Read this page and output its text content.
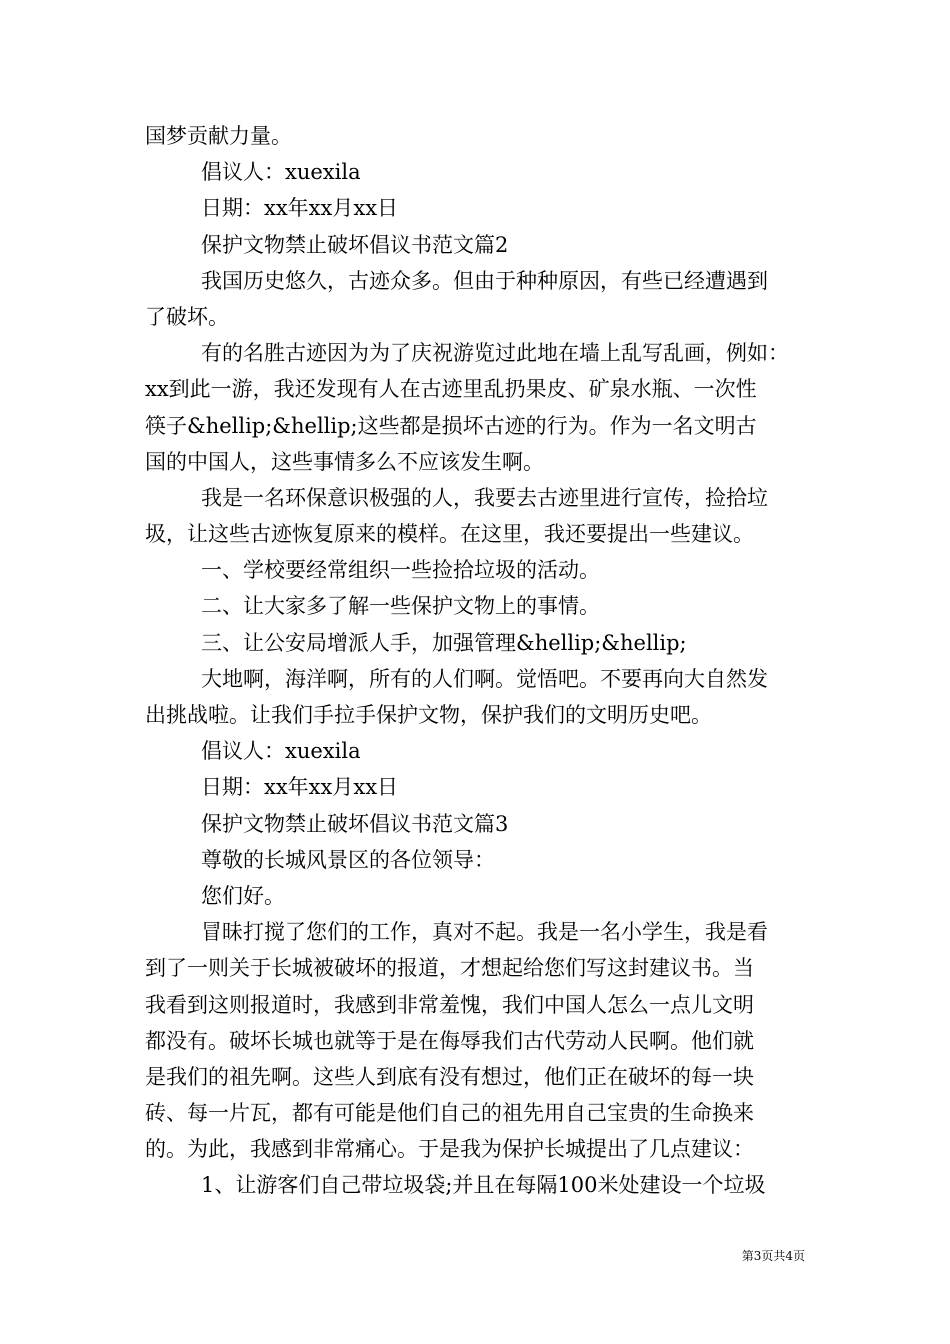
国梦贡献力量。
倡议人：xuexila
日期：xx年xx月xx日
保护文物禁止破坏倡议书范文篇2
我国历史悠久，古迹众多。但由于种种原因，有些已经遭遇到
了破坏。
有的名胜古迹因为为了庆祝游览过此地在墙上乱写乱画，例如：
xx到此一游，我还发现有人在古迹里乱扔果皮、矿泉水瓶、一次性
筷子&hellip;&hellip;这些都是损坏古迹的行为。作为一名文明古
国的中国人，这些事情多么不应该发生啊。
我是一名环保意识极强的人，我要去古迹里进行宣传，捡拾垃
圾，让这些古迹恢复原来的模样。在这里，我还要提出一些建议。
一、学校要经常组织一些捡拾垃圾的活动。
二、让大家多了解一些保护文物上的事情。
三、让公安局增派人手，加强管理&hellip;&hellip;
大地啊，海洋啊，所有的人们啊。觉悟吧。不要再向大自然发
出挑战啦。让我们手拉手保护文物，保护我们的文明历史吧。
倡议人：xuexila
日期：xx年xx月xx日
保护文物禁止破坏倡议书范文篇3
尊敬的长城风景区的各位领导：
您们好。
冒昧打搅了您们的工作，真对不起。我是一名小学生，我是看
到了一则关于长城被破坏的报道，才想起给您们写这封建议书。当
我看到这则报道时，我感到非常羞愧，我们中国人怎么一点儿文明
都没有。破坏长城也就等于是在侮辱我们古代劳动人民啊。他们就
是我们的祖先啊。这些人到底有没有想过，他们正在破坏的每一块
砖、每一片瓦，都有可能是他们自己的祖先用自己宝贵的生命换来
的。为此，我感到非常痛心。于是我为保护长城提出了几点建议：
1、让游客们自己带垃圾袋;并且在每隔100米处建设一个垃圾
第3页共4页
